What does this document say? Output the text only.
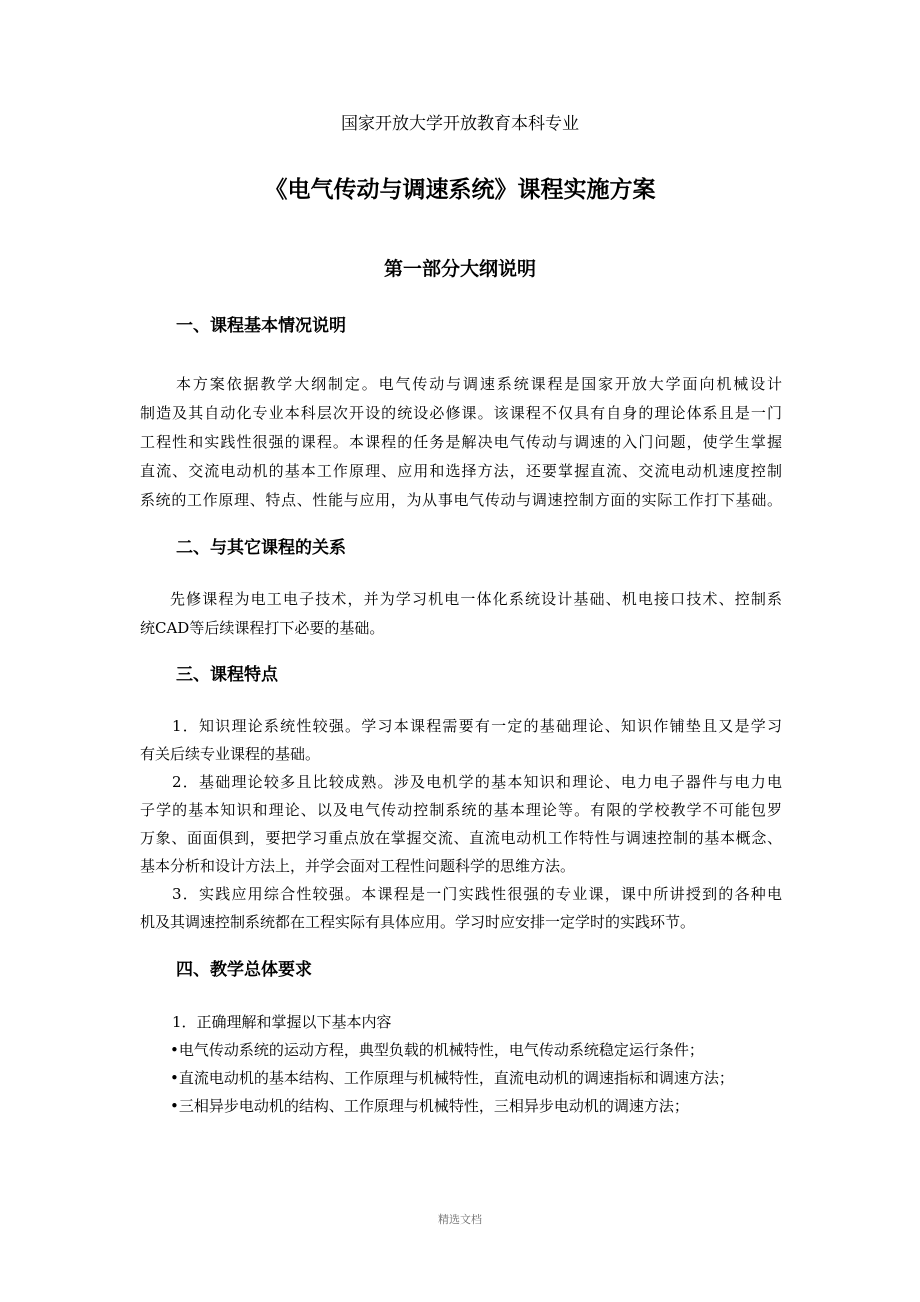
国家开放大学开放教育本科专业
《电气传动与调速系统》课程实施方案
第一部分大纲说明
一、课程基本情况说明
本方案依据教学大纲制定。电气传动与调速系统课程是国家开放大学面向机械设计
制造及其自动化专业本科层次开设的统设必修课。该课程不仅具有自身的理论体系且是一门
工程性和实践性很强的课程。本课程的任务是解决电气传动与调速的入门问题，使学生掌握
直流、交流电动机的基本工作原理、应用和选择方法，还要掌握直流、交流电动机速度控制
系统的工作原理、特点、性能与应用，为从事电气传动与调速控制方面的实际工作打下基础。
二、与其它课程的关系
先修课程为电工电子技术，并为学习机电一体化系统设计基础、机电接口技术、控制系
统CAD等后续课程打下必要的基础。
三、课程特点
1．知识理论系统性较强。学习本课程需要有一定的基础理论、知识作铺垫且又是学习
有关后续专业课程的基础。
2．基础理论较多且比较成熟。涉及电机学的基本知识和理论、电力电子器件与电力电
子学的基本知识和理论、以及电气传动控制系统的基本理论等。有限的学校教学不可能包罗
万象、面面俱到，要把学习重点放在掌握交流、直流电动机工作特性与调速控制的基本概念、
基本分析和设计方法上，并学会面对工程性问题科学的思维方法。
3．实践应用综合性较强。本课程是一门实践性很强的专业课，课中所讲授到的各种电
机及其调速控制系统都在工程实际有具体应用。学习时应安排一定学时的实践环节。
四、教学总体要求
1．正确理解和掌握以下基本内容
•电气传动系统的运动方程，典型负载的机械特性，电气传动系统稳定运行条件；
•直流电动机的基本结构、工作原理与机械特性，直流电动机的调速指标和调速方法；
•三相异步电动机的结构、工作原理与机械特性，三相异步电动机的调速方法；
精选文档
